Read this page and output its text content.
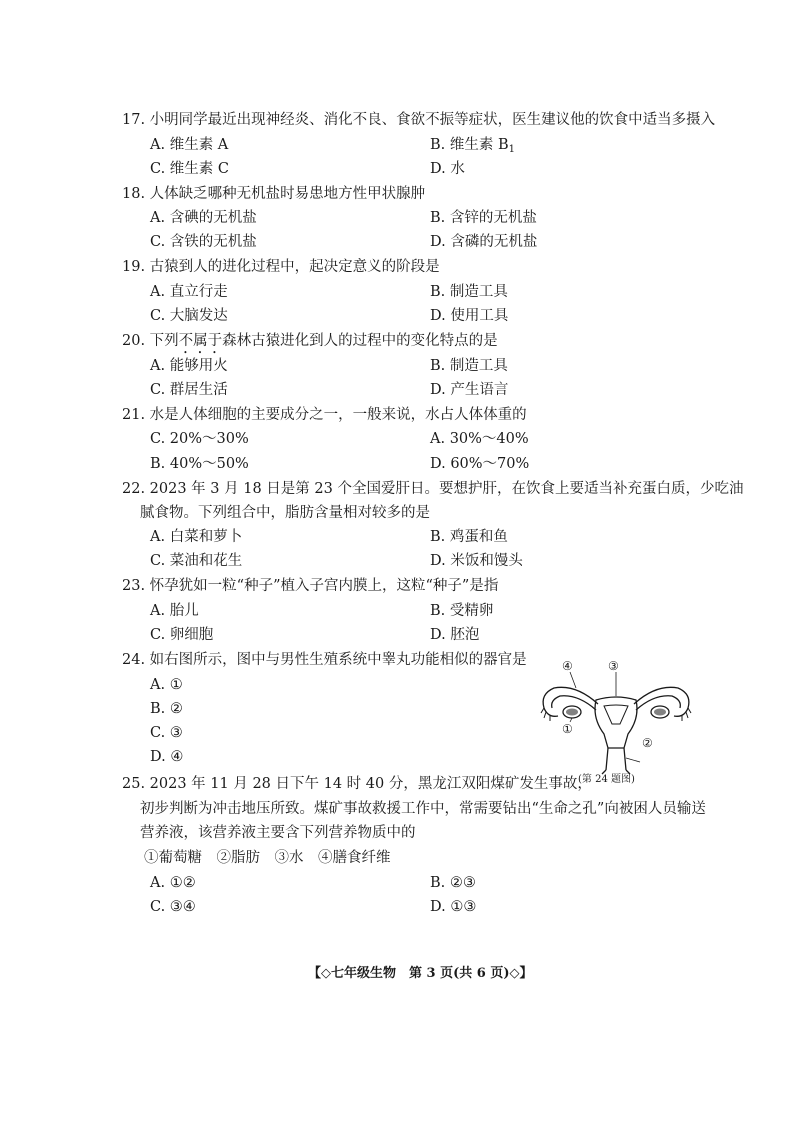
17. 小明同学最近出现神经炎、消化不良、食欲不振等症状，医生建议他的饮食中适当多摄入
A. 维生素 A	B. 维生素 $B_1$
C. 维生素 C	D. 水
18. 人体缺乏哪种无机盐时易患地方性甲状腺肿
A. 含碘的无机盐	B. 含锌的无机盐
C. 含铁的无机盐	D. 含磷的无机盐
19. 古猿到人的进化过程中，起决定意义的阶段是
A. 直立行走	B. 制造工具
C. 大脑发达	D. 使用工具
20. 下列不属于森林古猿进化到人的过程中的变化特点的是
A. 能够用火	B. 制造工具
C. 群居生活	D. 产生语言
21. 水是人体细胞的主要成分之一，一般来说，水占人体体重的
C. 20%～30%	A. 30%～40%
B. 40%～50%	D. 60%～70%
22. 2023 年 3 月 18 日是第 23 个全国爱肝日。要想护肝，在饮食上要适当补充蛋白质，少吃油
腻食物。下列组合中，脂肪含量相对较多的是
A. 白菜和萝卜	B. 鸡蛋和鱼
C. 菜油和花生	D. 米饭和馒头
23. 怀孕犹如一粒“种子”植入子宫内膜上，这粒“种子”是指
A. 胎儿	B. 受精卵
C. 卵细胞	D. 胚泡
24. 如右图所示，图中与男性生殖系统中睾丸功能相似的器官是
A. ①
B. ②
C. ③
D. ④
④	③
①
②
(第 24 题图)
25. 2023 年 11 月 28 日下午 14 时 40 分，黑龙江双阳煤矿发生事故，
初步判断为冲击地压所致。煤矿事故救援工作中，常需要钻出“生命之孔”向被困人员输送
营养液，该营养液主要含下列营养物质中的
①葡萄糖　②脂肪　③水　④膳食纤维
A. ①②	B. ②③
C. ③④	D. ①③
【◇七年级生物　第 3 页(共 6 页)◇】
